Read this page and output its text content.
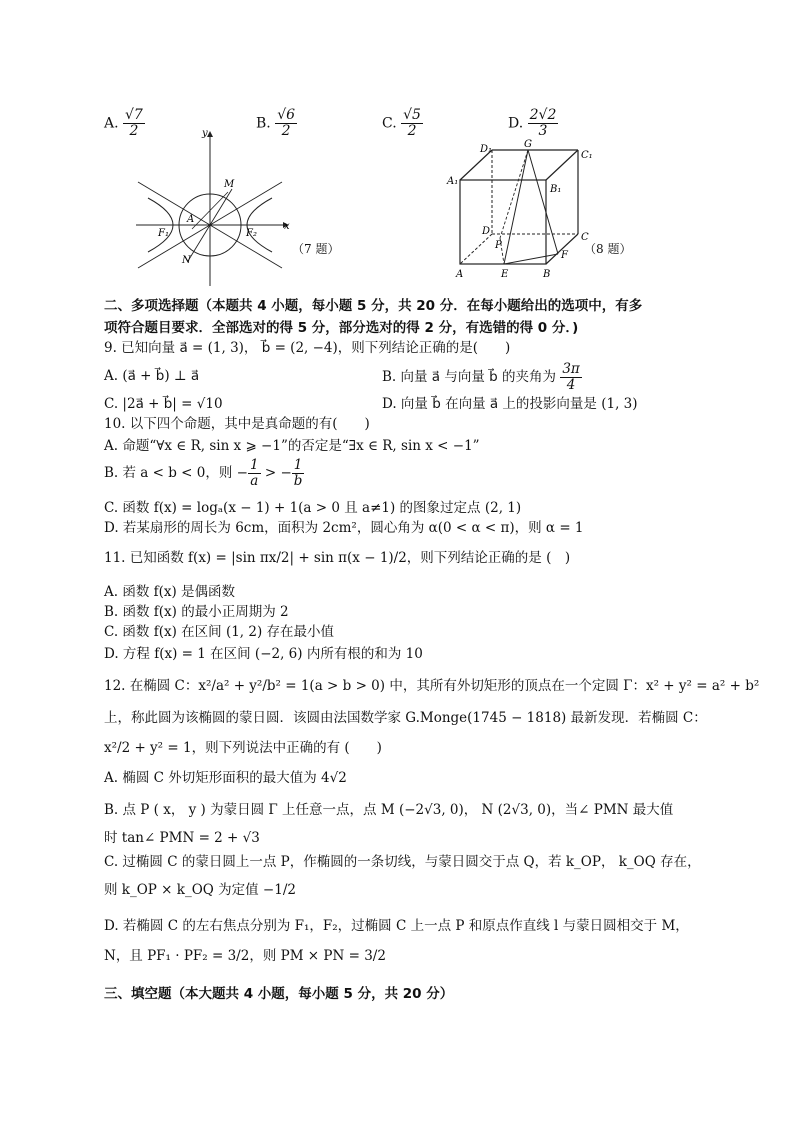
A. $\frac{√7}{2}$	B. $\frac{√6}{2}$	C. $\frac{√5}{2}$	D. $\frac{2√2}{3}$
y
x
M
A
F₁	F₂
N
（7 题）
D₁	G
C₁
A₁
B₁
D
C
P
F
A	E	B
（8 题）
二、多项选择题（本题共 4 小题，每小题 5 分，共 20 分．在每小题给出的选项中，有多
项符合题目要求．全部选对的得 5 分，部分选对的得 2 分，有选错的得 0 分．)
9. 已知向量 a⃗ = (1, 3)， b⃗ = (2, −4)，则下列结论正确的是(　　)
A. (a⃗ + b⃗) ⊥ a⃗	B. 向量 a⃗ 与向量 b⃗ 的夹角为 $\frac{3\pi}{4}$
C. |2a⃗ + b⃗| = √10	D. 向量 b⃗ 在向量 a⃗ 上的投影向量是 (1, 3)
10. 以下四个命题，其中是真命题的有(　　)
A. 命题“∀x ∈ R, sin x ⩾ −1”的否定是“∃x ∈ R, sin x < −1”
B. 若 a < b < 0，则 − $\frac{1}{a}$ > − $\frac{1}{b}$
C. 函数 f(x) = logₐ(x − 1) + 1(a > 0 且 a≠1) 的图象过定点 (2, 1)
D. 若某扇形的周长为 6cm，面积为 2cm²，圆心角为 α(0 < α < π)，则 α = 1
11. 已知函数 f(x) = |sin πx/2| + sin π(x − 1)/2，则下列结论正确的是 (　)
A. 函数 f(x) 是偶函数
B. 函数 f(x) 的最小正周期为 2
C. 函数 f(x) 在区间 (1, 2) 存在最小值
D. 方程 f(x) = 1 在区间 (−2, 6) 内所有根的和为 10
12. 在椭圆 C：x²/a² + y²/b² = 1(a > b > 0) 中，其所有外切矩形的顶点在一个定圆 Γ：x² + y² = a² + b²
上，称此圆为该椭圆的蒙日圆．该圆由法国数学家 G.Monge(1745 − 1818) 最新发现．若椭圆 C：
x²/2 + y² = 1，则下列说法中正确的有 (　　)
A. 椭圆 C 外切矩形面积的最大值为 4√2
B. 点 P ( x， y ) 为蒙日圆 Γ 上任意一点，点 M (−2√3, 0)， N (2√3, 0)，当∠ PMN 最大值
时 tan∠ PMN = 2 + √3
C. 过椭圆 C 的蒙日圆上一点 P，作椭圆的一条切线，与蒙日圆交于点 Q，若 k_OP， k_OQ 存在，
则 k_OP × k_OQ 为定值 −1/2
D. 若椭圆 C 的左右焦点分别为 F₁，F₂，过椭圆 C 上一点 P 和原点作直线 l 与蒙日圆相交于 M，
N，且 PF₁ · PF₂ = 3/2，则 PM × PN = 3/2
三、填空题（本大题共 4 小题，每小题 5 分，共 20 分）
